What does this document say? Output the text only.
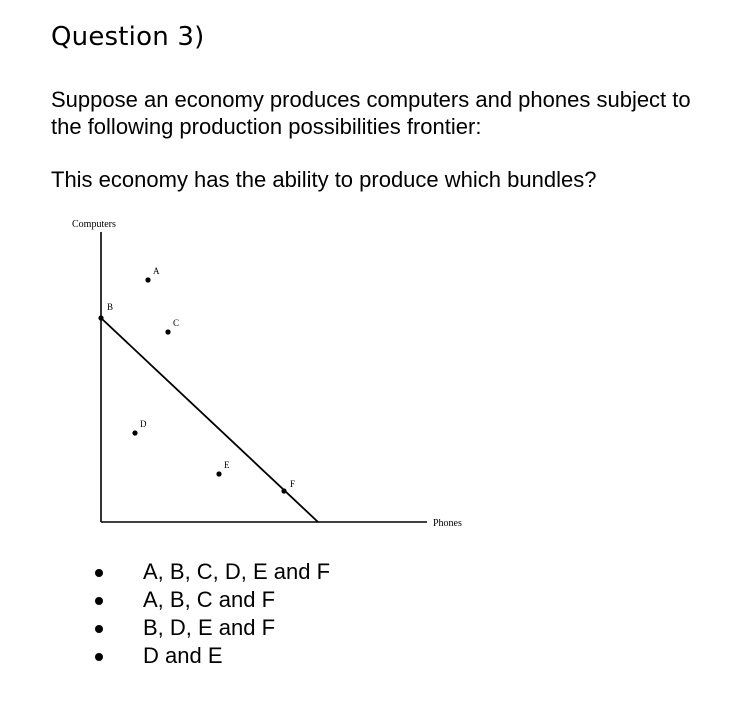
Question 3)

Suppose an economy produces computers and phones subject to the following production possibilities frontier:

This economy has the ability to produce which bundles?

Computers
Phones
A
B
C
D
E
F
A, B, C, D, E and F
A, B, C and F
B, D, E and F
D and E
